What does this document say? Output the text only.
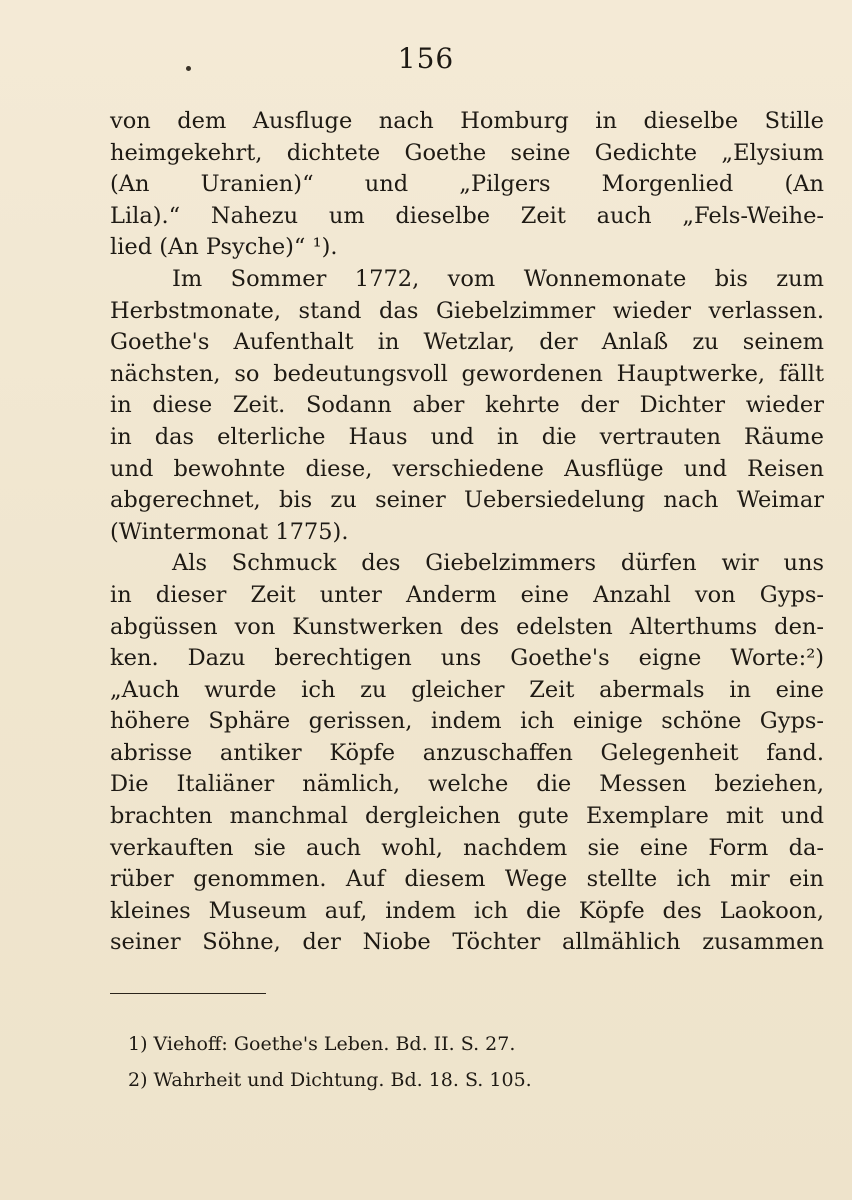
156
von dem Ausfluge nach Homburg in dieselbe Stille
heimgekehrt, dichtete Goethe seine Gedichte „Elysium
(An Uranien)“ und „Pilgers Morgenlied (An
Lila).“ Nahezu um dieselbe Zeit auch „Fels-Weihe-
lied (An Psyche)“ ¹).
Im Sommer 1772, vom Wonnemonate bis zum
Herbstmonate, stand das Giebelzimmer wieder verlassen.
Goethe's Aufenthalt in Wetzlar, der Anlaß zu seinem
nächsten, so bedeutungsvoll gewordenen Hauptwerke, fällt
in diese Zeit. Sodann aber kehrte der Dichter wieder
in das elterliche Haus und in die vertrauten Räume
und bewohnte diese, verschiedene Ausflüge und Reisen
abgerechnet, bis zu seiner Uebersiedelung nach Weimar
(Wintermonat 1775).
Als Schmuck des Giebelzimmers dürfen wir uns
in dieser Zeit unter Anderm eine Anzahl von Gyps-
abgüssen von Kunstwerken des edelsten Alterthums den-
ken. Dazu berechtigen uns Goethe's eigne Worte:²)
„Auch wurde ich zu gleicher Zeit abermals in eine
höhere Sphäre gerissen, indem ich einige schöne Gyps-
abrisse antiker Köpfe anzuschaffen Gelegenheit fand.
Die Italiäner nämlich, welche die Messen beziehen,
brachten manchmal dergleichen gute Exemplare mit und
verkauften sie auch wohl, nachdem sie eine Form da-
rüber genommen. Auf diesem Wege stellte ich mir ein
kleines Museum auf, indem ich die Köpfe des Laokoon,
seiner Söhne, der Niobe Töchter allmählich zusammen
1) Viehoff: Goethe's Leben. Bd. II. S. 27.
2) Wahrheit und Dichtung. Bd. 18. S. 105.
